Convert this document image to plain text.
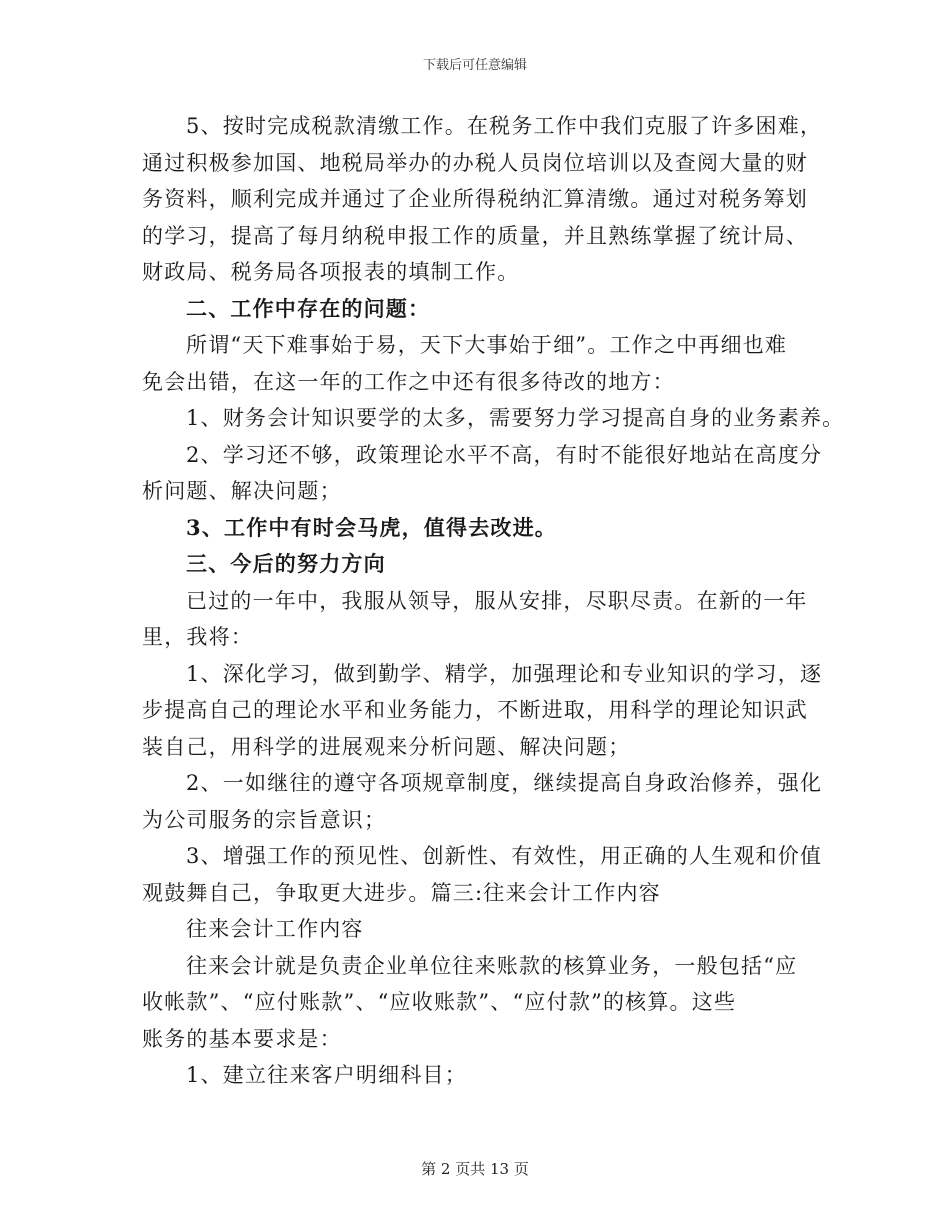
下载后可任意编辑
5、按时完成税款清缴工作。在税务工作中我们克服了许多困难，
通过积极参加国、地税局举办的办税人员岗位培训以及查阅大量的财
务资料，顺利完成并通过了企业所得税纳汇算清缴。通过对税务筹划
的学习，提高了每月纳税申报工作的质量，并且熟练掌握了统计局、
财政局、税务局各项报表的填制工作。
二、工作中存在的问题：
所谓“天下难事始于易，天下大事始于细”。工作之中再细也难
免会出错，在这一年的工作之中还有很多待改的地方：
1、财务会计知识要学的太多，需要努力学习提高自身的业务素养。
2、学习还不够，政策理论水平不高，有时不能很好地站在高度分
析问题、解决问题；
3、工作中有时会马虎，值得去改进。
三、今后的努力方向
已过的一年中，我服从领导，服从安排，尽职尽责。在新的一年
里，我将：
1、深化学习，做到勤学、精学，加强理论和专业知识的学习，逐
步提高自己的理论水平和业务能力，不断进取，用科学的理论知识武
装自己，用科学的进展观来分析问题、解决问题；
2、一如继往的遵守各项规章制度，继续提高自身政治修养，强化
为公司服务的宗旨意识；
3、增强工作的预见性、创新性、有效性，用正确的人生观和价值
观鼓舞自己，争取更大进步。篇三:往来会计工作内容
往来会计工作内容
往来会计就是负责企业单位往来账款的核算业务，一般包括“应
收帐款”、“应付账款”、“应收账款”、“应付款”的核算。这些
账务的基本要求是：
1、建立往来客户明细科目；
第 2 页共 13 页
